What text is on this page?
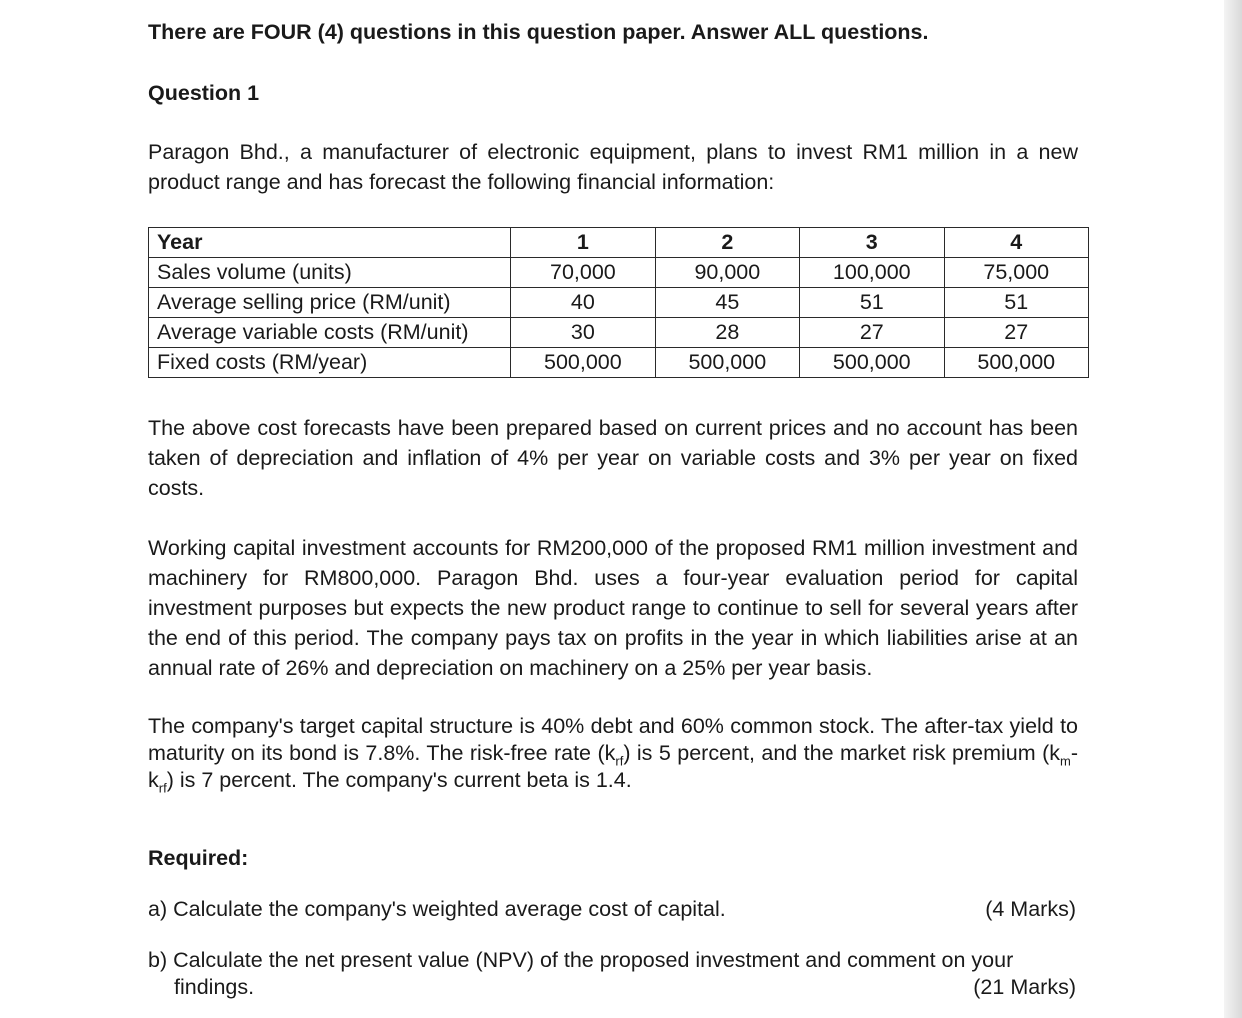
There are FOUR (4) questions in this question paper. Answer ALL questions.
Question 1
Paragon Bhd., a manufacturer of electronic equipment, plans to invest RM1 million in a new product range and has forecast the following financial information:
Year	1	2	3	4
Sales volume (units)	70,000	90,000	100,000	75,000
Average selling price (RM/unit)	40	45	51	51
Average variable costs (RM/unit)	30	28	27	27
Fixed costs (RM/year)	500,000	500,000	500,000	500,000
The above cost forecasts have been prepared based on current prices and no account has been taken of depreciation and inflation of 4% per year on variable costs and 3% per year on fixed costs.
Working capital investment accounts for RM200,000 of the proposed RM1 million investment and machinery for RM800,000. Paragon Bhd. uses a four-year evaluation period for capital investment purposes but expects the new product range to continue to sell for several years after the end of this period. The company pays tax on profits in the year in which liabilities arise at an annual rate of 26% and depreciation on machinery on a 25% per year basis.
The company's target capital structure is 40% debt and 60% common stock. The after-tax yield to maturity on its bond is 7.8%. The risk-free rate $(k_{rf})$ is 5 percent, and the market risk premium $(k_m-k_{rf})$ is 7 percent. The company's current beta is 1.4.
Required:
a) Calculate the company's weighted average cost of capital.	(4 Marks)
b) Calculate the net present value (NPV) of the proposed investment and comment on your
findings.	(21 Marks)
